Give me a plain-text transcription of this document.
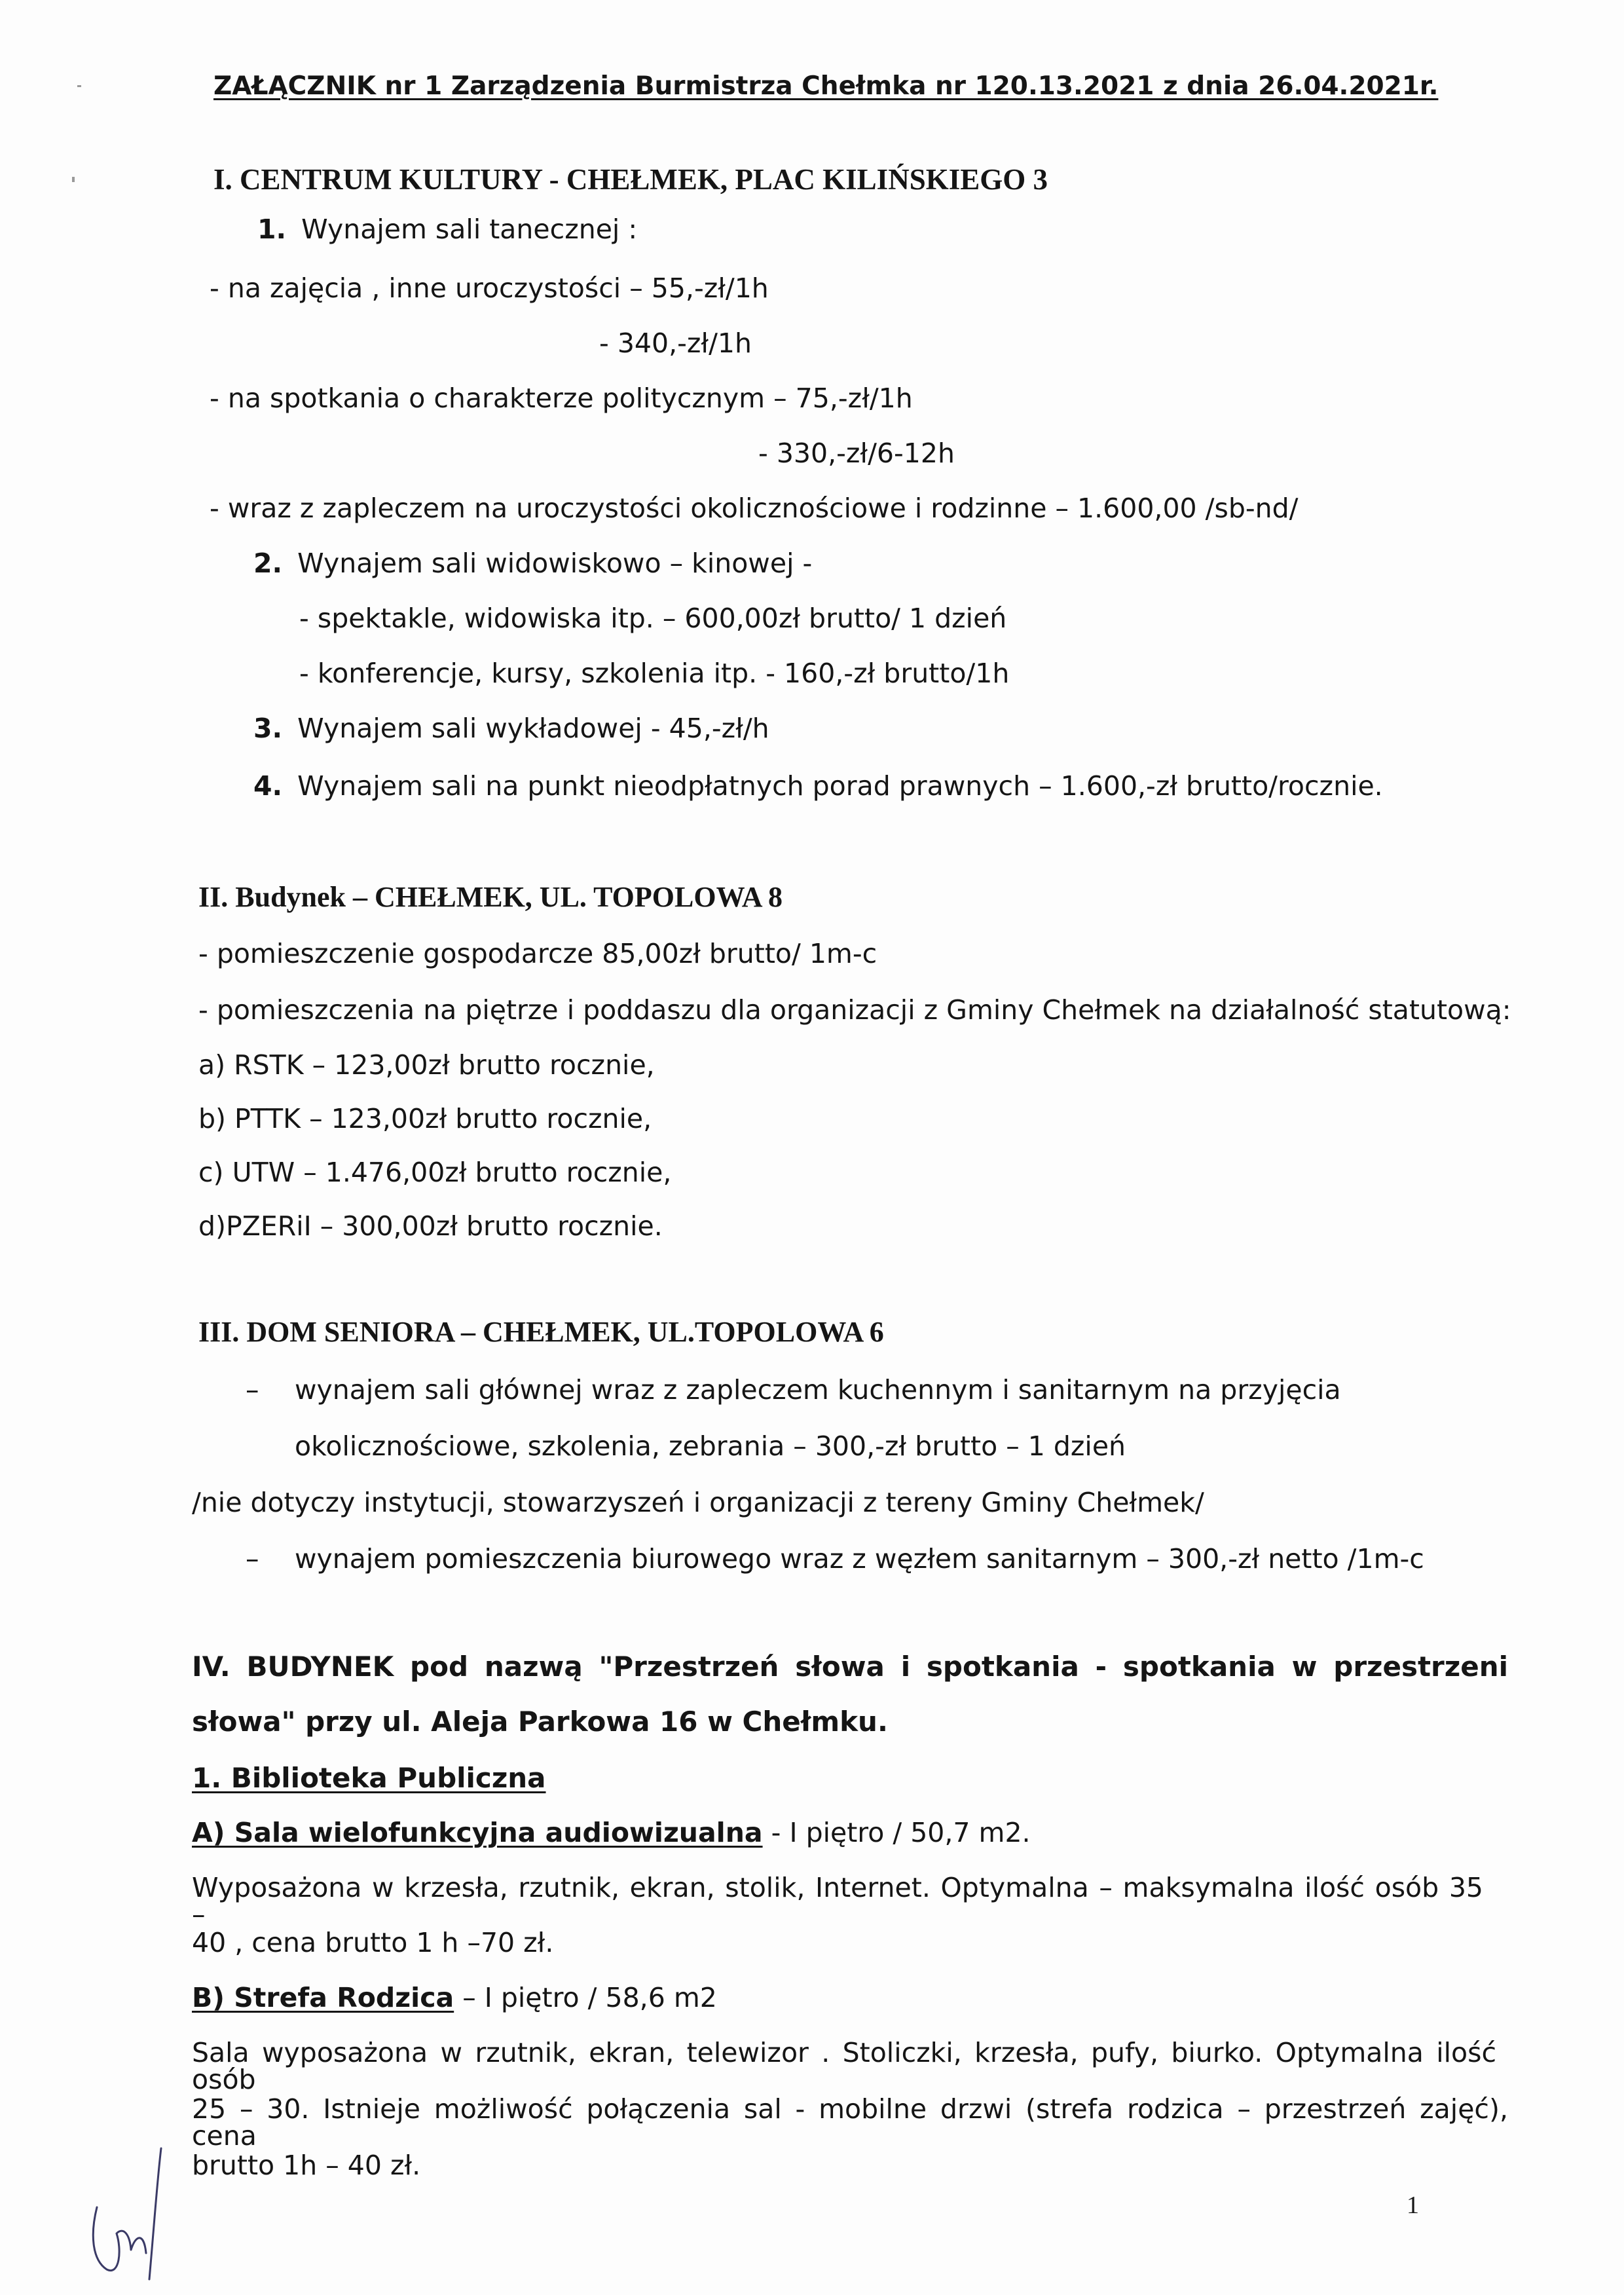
ZAŁĄCZNIK nr 1 Zarządzenia Burmistrza Chełmka nr 120.13.2021 z dnia 26.04.2021r.
I. CENTRUM KULTURY - CHEŁMEK, PLAC KILIŃSKIEGO 3
1. Wynajem sali tanecznej :
- na zajęcia , inne uroczystości – 55,-zł/1h
- 340,-zł/1h
- na spotkania o charakterze politycznym – 75,-zł/1h
- 330,-zł/6-12h
- wraz z zapleczem na uroczystości okolicznościowe i rodzinne – 1.600,00 /sb-nd/
2. Wynajem sali widowiskowo – kinowej -
- spektakle, widowiska itp. – 600,00zł brutto/ 1 dzień
- konferencje, kursy, szkolenia itp. - 160,-zł brutto/1h
3. Wynajem sali wykładowej - 45,-zł/h
4. Wynajem sali na punkt nieodpłatnych porad prawnych – 1.600,-zł brutto/rocznie.
II. Budynek – CHEŁMEK, UL. TOPOLOWA 8
- pomieszczenie gospodarcze 85,00zł brutto/ 1m-c
- pomieszczenia na piętrze i poddaszu dla organizacji z Gminy Chełmek na działalność statutową:
a) RSTK – 123,00zł brutto rocznie,
b) PTTK – 123,00zł brutto rocznie,
c) UTW – 1.476,00zł brutto rocznie,
d)PZERiI – 300,00zł brutto rocznie.
III. DOM SENIORA – CHEŁMEK, UL.TOPOLOWA 6
– wynajem sali głównej wraz z zapleczem kuchennym i sanitarnym na przyjęcia
okolicznościowe, szkolenia, zebrania – 300,-zł brutto – 1 dzień
/nie dotyczy instytucji, stowarzyszeń i organizacji z tereny Gminy Chełmek/
– wynajem pomieszczenia biurowego wraz z węzłem sanitarnym – 300,-zł netto /1m-c
IV. BUDYNEK pod nazwą "Przestrzeń słowa i spotkania - spotkania w przestrzeni
słowa" przy ul. Aleja Parkowa 16 w Chełmku.
1. Biblioteka Publiczna
A) Sala wielofunkcyjna audiowizualna - I piętro / 50,7 m2.
Wyposażona w krzesła, rzutnik, ekran, stolik, Internet. Optymalna – maksymalna ilość osób 35 –
40 , cena brutto 1 h –70 zł.
B) Strefa Rodzica – I piętro / 58,6 m2
Sala wyposażona w rzutnik, ekran, telewizor . Stoliczki, krzesła, pufy, biurko. Optymalna ilość osób
25 – 30. Istnieje możliwość połączenia sal - mobilne drzwi (strefa rodzica – przestrzeń zajęć), cena
brutto 1h – 40 zł.
1
